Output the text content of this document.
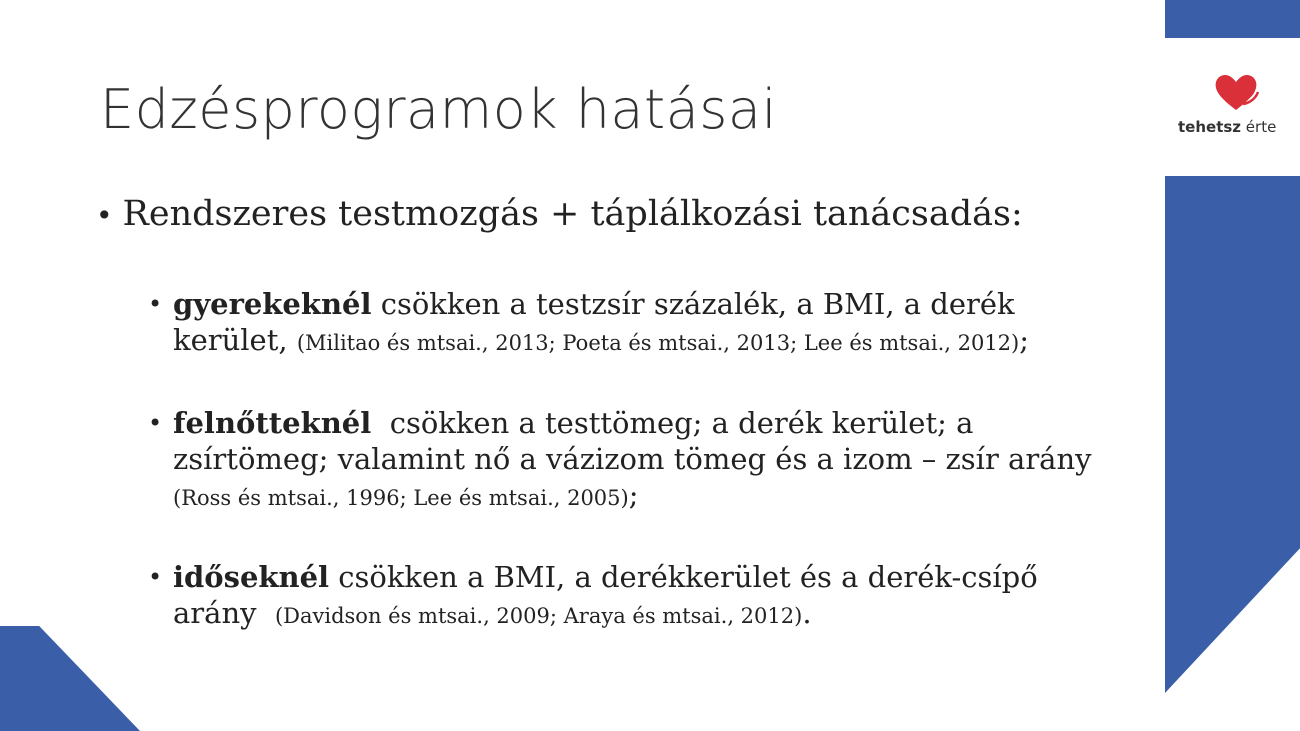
tehetsz érte
Edzésprogramok hatásai
• Rendszeres testmozgás + táplálkozási tanácsadás:
• gyerekeknél csökken a testzsír százalék, a BMI, a derék kerület, (Militao és mtsai., 2013; Poeta és mtsai., 2013; Lee és mtsai., 2012);
• felnőtteknél  csökken a testtömeg; a derék kerület; a zsírtömeg; valamint nő a vázizom tömeg és a izom – zsír arány (Ross és mtsai., 1996; Lee és mtsai., 2005);
• időseknél csökken a BMI, a derékkerület és a derék-csípő arány  (Davidson és mtsai., 2009; Araya és mtsai., 2012).
